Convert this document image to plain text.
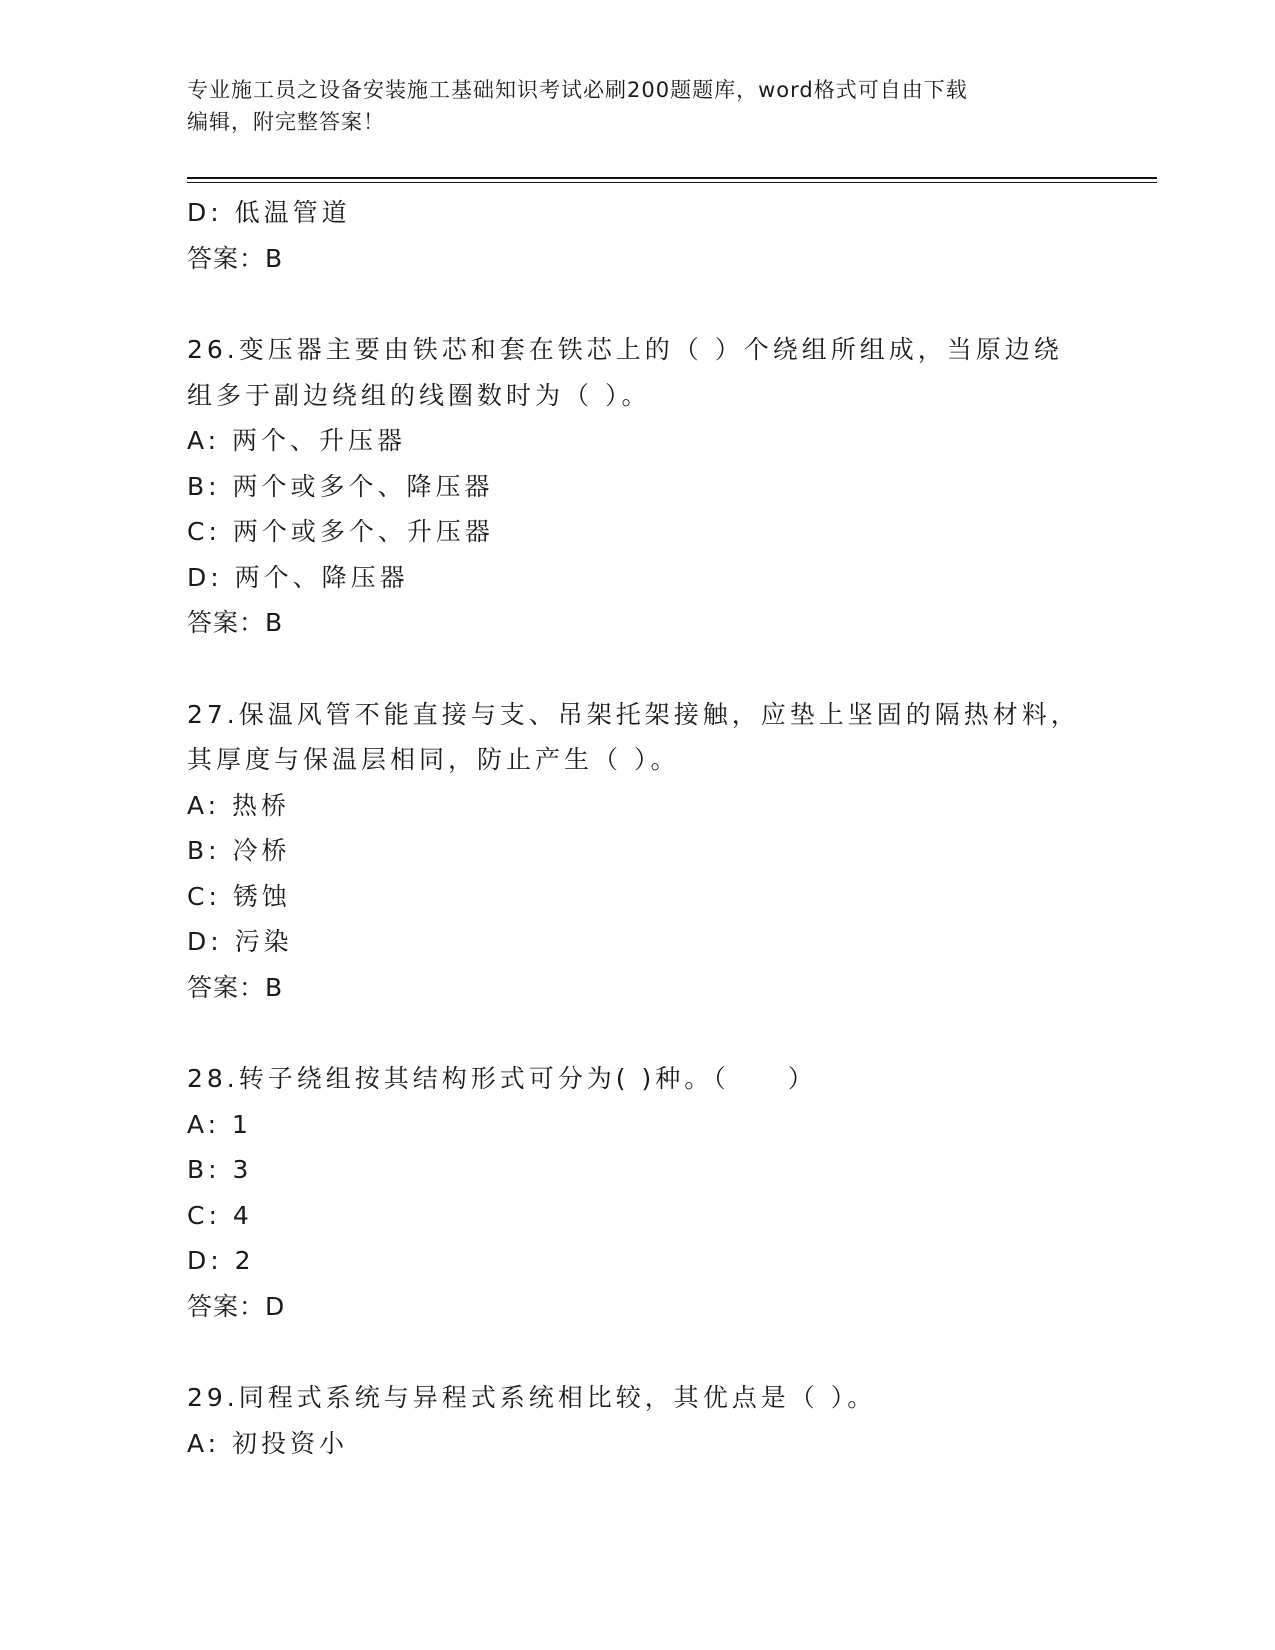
专业施工员之设备安装施工基础知识考试必刷200题题库，word格式可自由下载
编辑，附完整答案！
D: 低温管道
答案：B
26.变压器主要由铁芯和套在铁芯上的（ ）个绕组所组成，当原边绕
组多于副边绕组的线圈数时为（ ）。
A: 两个、升压器
B: 两个或多个、降压器
C: 两个或多个、升压器
D: 两个、降压器
答案：B
27.保温风管不能直接与支、吊架托架接触，应垫上坚固的隔热材料，
其厚度与保温层相同，防止产生（ ）。
A: 热桥
B: 冷桥
C: 锈蚀
D: 污染
答案：B
28.转子绕组按其结构形式可分为( )种。（　　）
A: 1
B: 3
C: 4
D: 2
答案：D
29.同程式系统与异程式系统相比较，其优点是（ ）。
A: 初投资小
